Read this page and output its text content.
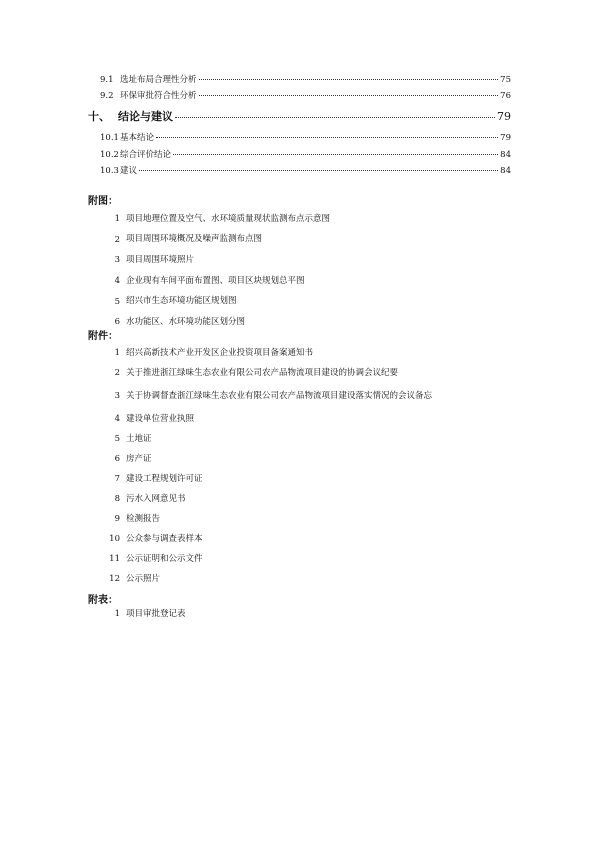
9.1 选址布局合理性分析	75
9.2 环保审批符合性分析	76
十、 结论与建议	79
10.1 基本结论	79
10.2 综合评价结论	84
10.3 建议	84
附图：
1 项目地理位置及空气、水环境质量现状监测布点示意图
2 项目周围环境概况及噪声监测布点图
3 项目周围环境照片
4 企业现有车间平面布置图、项目区块规划总平图
5 绍兴市生态环境功能区规划图
6 水功能区、水环境功能区划分图
附件：
1 绍兴高新技术产业开发区企业投资项目备案通知书
2 关于推进浙江绿味生态农业有限公司农产品物流项目建设的协调会议纪要
3 关于协调督查浙江绿味生态农业有限公司农产品物流项目建设落实情况的会议备忘
4 建设单位营业执照
5 土地证
6 房产证
7 建设工程规划许可证
8 污水入网意见书
9 检测报告
10 公众参与调查表样本
11 公示证明和公示文件
12 公示照片
附表：
1 项目审批登记表
